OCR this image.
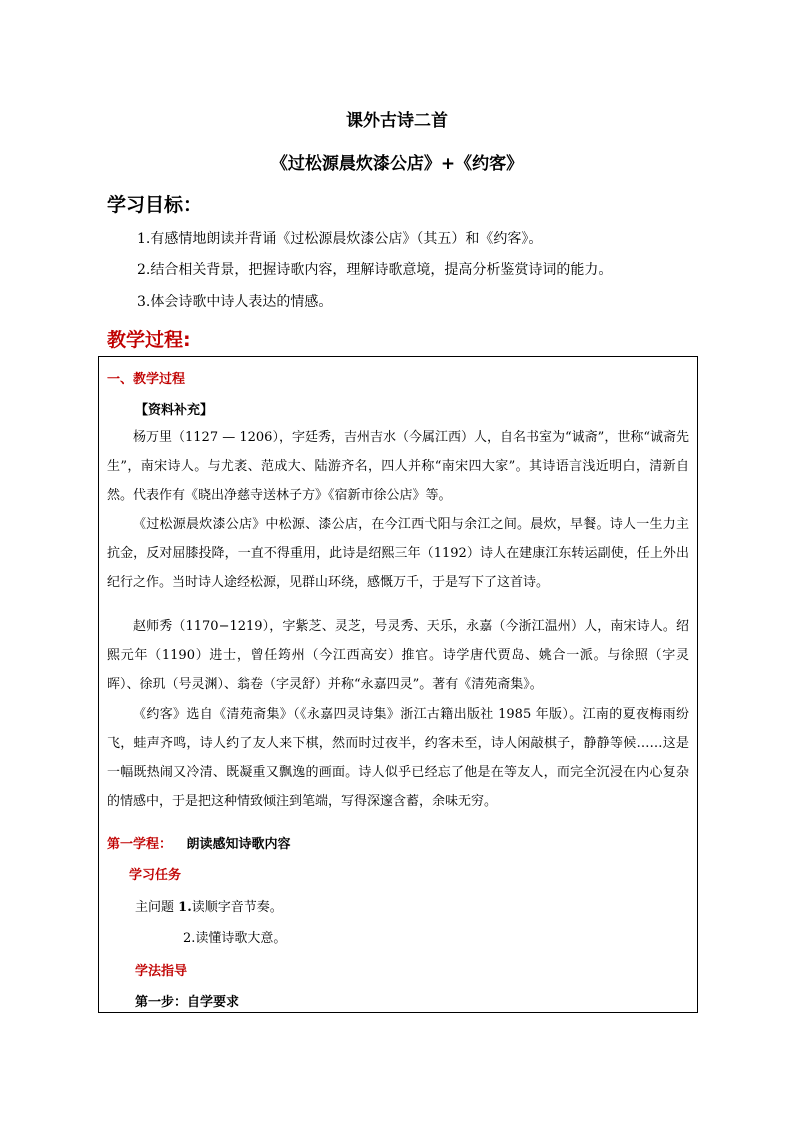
课外古诗二首
《过松源晨炊漆公店》+《约客》
学习目标：
1.有感情地朗读并背诵《过松源晨炊漆公店》（其五）和《约客》。
2.结合相关背景，把握诗歌内容，理解诗歌意境，提高分析鉴赏诗词的能力。
3.体会诗歌中诗人表达的情感。
教学过程:
一、教学过程
【资料补充】
杨万里（1127 — 1206），字廷秀，吉州吉水（今属江西）人，自名书室为“诚斋”，世称“诚斋先生”，南宋诗人。与尤袤、范成大、陆游齐名，四人并称“南宋四大家”。其诗语言浅近明白，清新自然。代表作有《晓出净慈寺送林子方》《宿新市徐公店》等。
《过松源晨炊漆公店》中松源、漆公店，在今江西弋阳与余江之间。晨炊，早餐。诗人一生力主抗金，反对屈膝投降，一直不得重用，此诗是绍熙三年（1192）诗人在建康江东转运副使，任上外出纪行之作。当时诗人途经松源，见群山环绕，感慨万千，于是写下了这首诗。
赵师秀（1170−1219），字紫芝、灵芝，号灵秀、天乐，永嘉（今浙江温州）人，南宋诗人。绍熙元年（1190）进士，曾任筠州（今江西高安）推官。诗学唐代贾岛、姚合一派。与徐照（字灵晖）、徐玑（号灵渊）、翁卷（字灵舒）并称“永嘉四灵”。著有《清苑斋集》。
《约客》选自《清苑斋集》（《永嘉四灵诗集》浙江古籍出版社 1985 年版）。江南的夏夜梅雨纷飞，蛙声齐鸣，诗人约了友人来下棋，然而时过夜半，约客未至，诗人闲敲棋子，静静等候……这是一幅既热闹又冷清、既凝重又飘逸的画面。诗人似乎已经忘了他是在等友人，而完全沉浸在内心复杂的情感中，于是把这种情致倾注到笔端，写得深邃含蓄，余味无穷。
第一学程： 朗读感知诗歌内容
学习任务
主问题 1.读顺字音节奏。
2.读懂诗歌大意。
学法指导
第一步：自学要求
